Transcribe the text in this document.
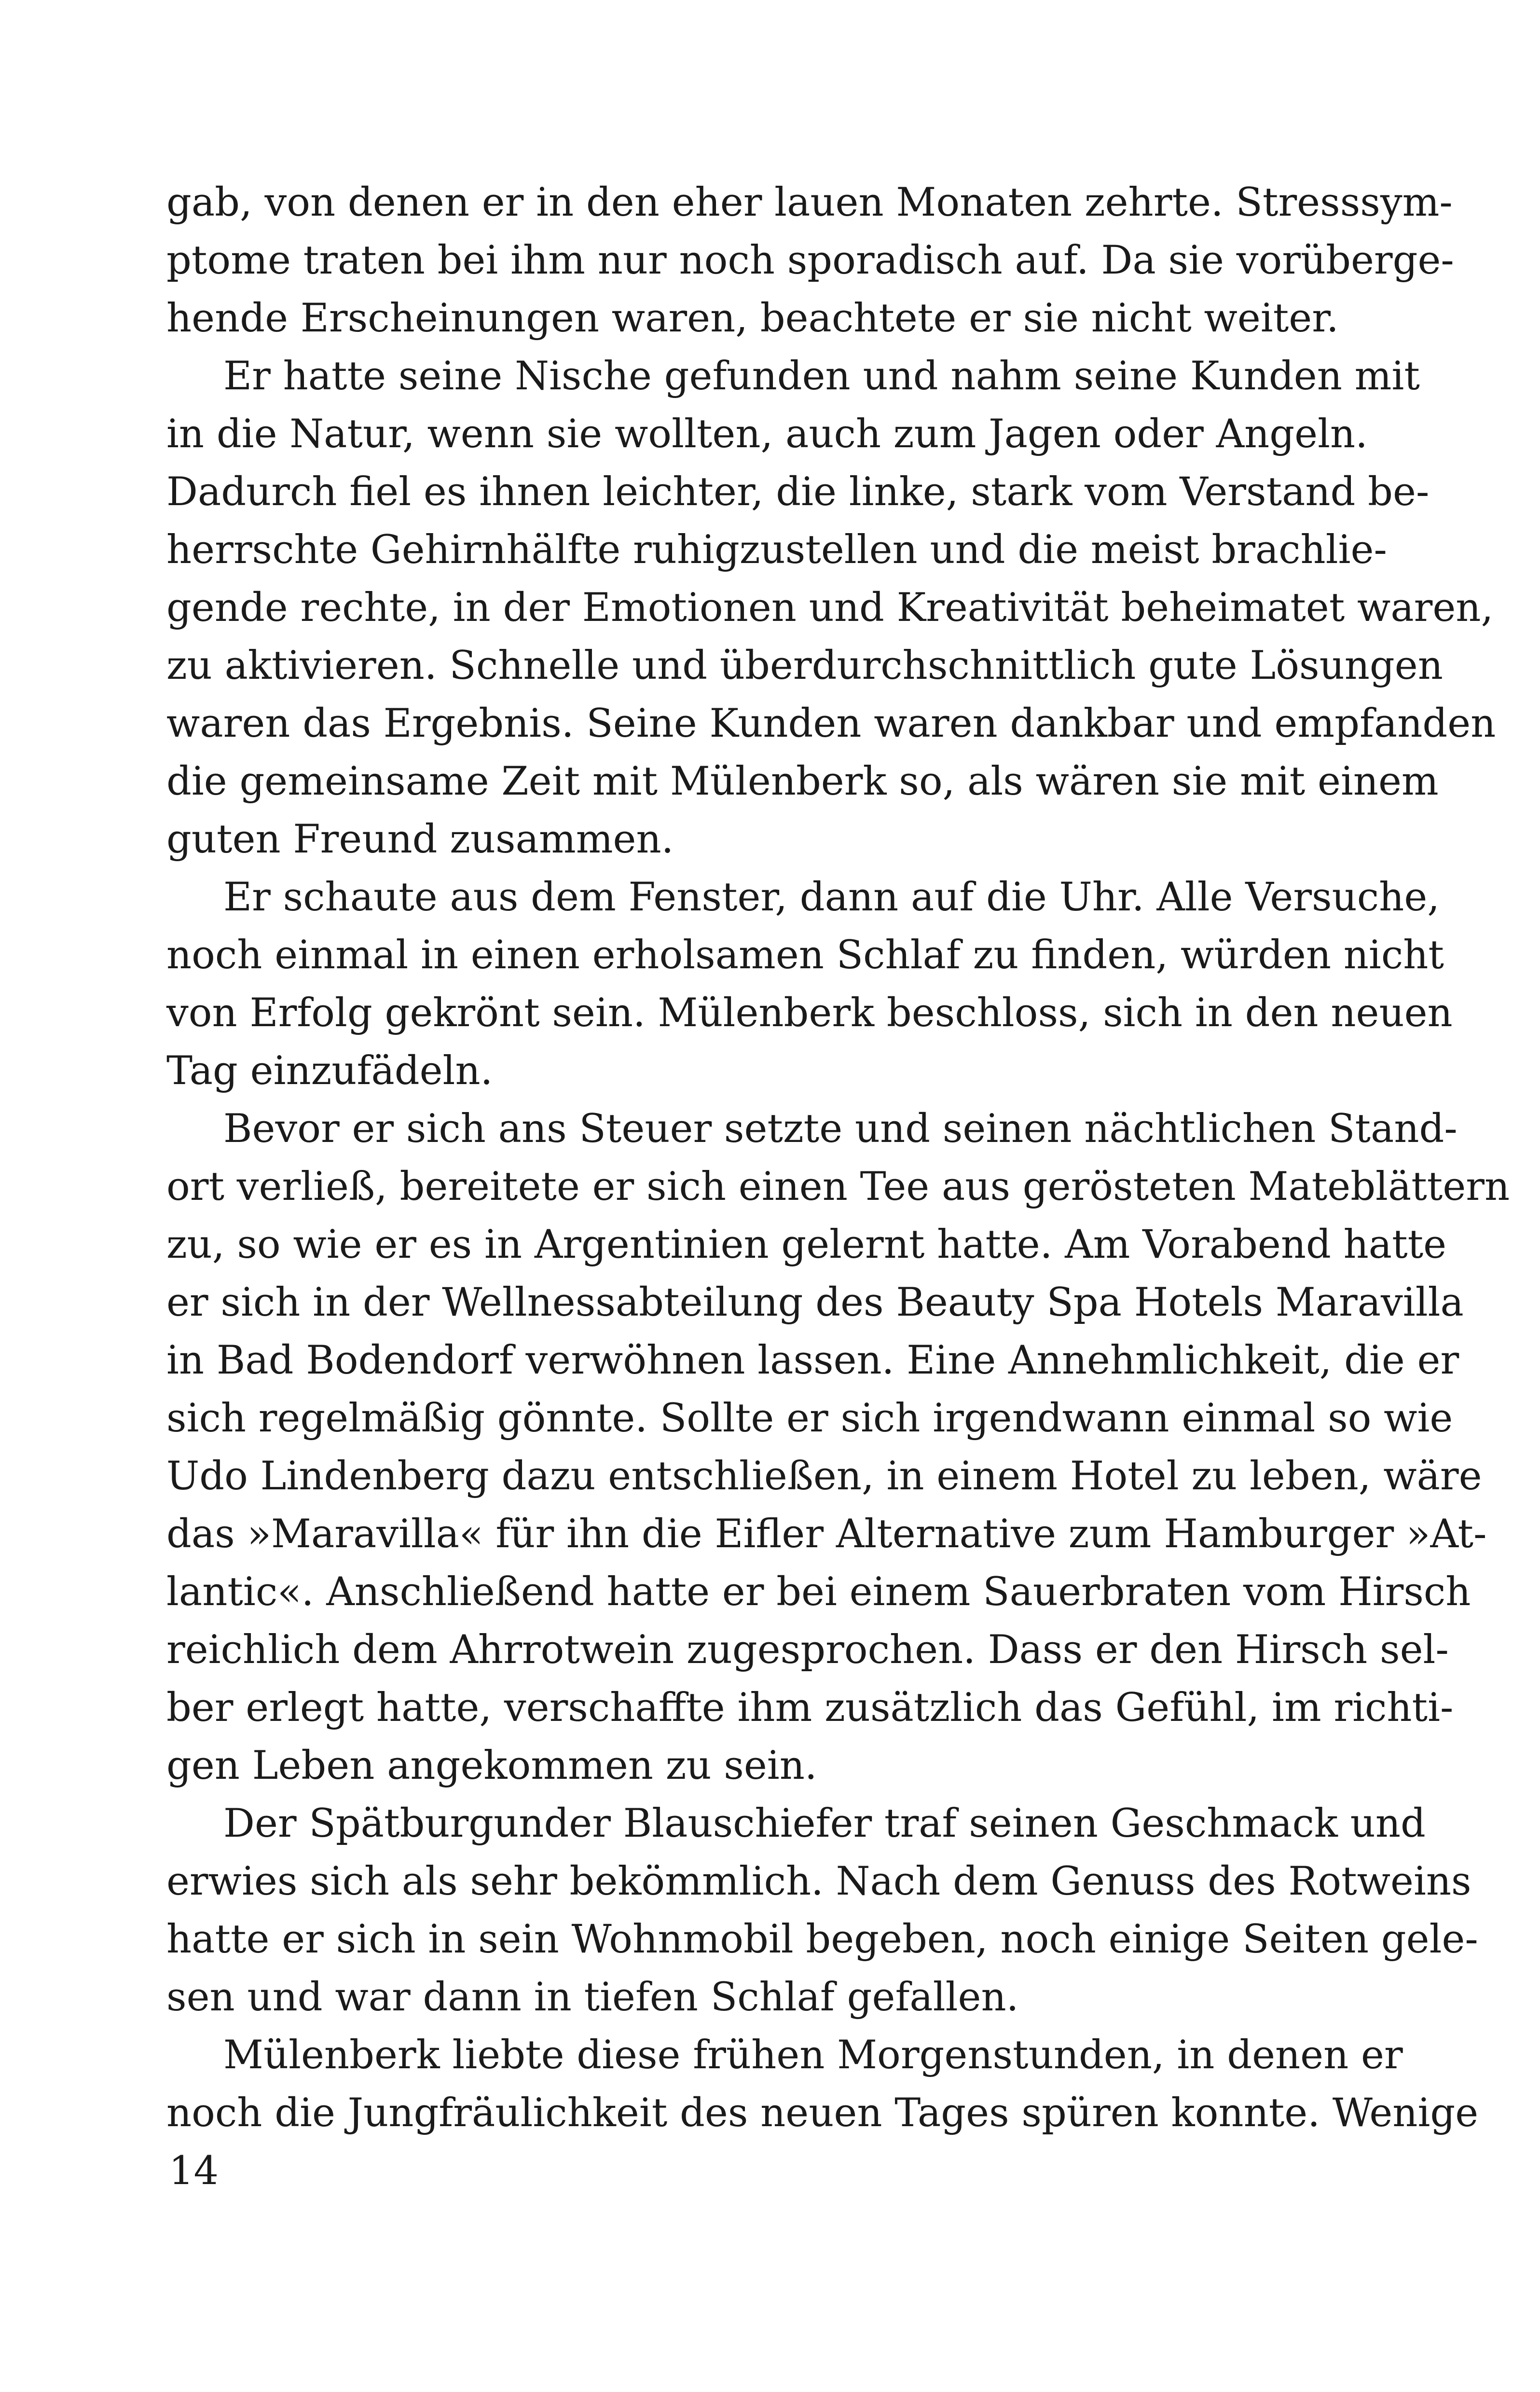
gab, von denen er in den eher lauen Monaten zehrte. Stresssym-
ptome traten bei ihm nur noch sporadisch auf. Da sie vorüberge-
hende Erscheinungen waren, beachtete er sie nicht weiter.
Er hatte seine Nische gefunden und nahm seine Kunden mit
in die Natur, wenn sie wollten, auch zum Jagen oder Angeln.
Dadurch fiel es ihnen leichter, die linke, stark vom Verstand be-
herrschte Gehirnhälfte ruhigzustellen und die meist brachlie-
gende rechte, in der Emotionen und Kreativität beheimatet waren,
zu aktivieren. Schnelle und überdurchschnittlich gute Lösungen
waren das Ergebnis. Seine Kunden waren dankbar und empfanden
die gemeinsame Zeit mit Mülenberk so, als wären sie mit einem
guten Freund zusammen.
Er schaute aus dem Fenster, dann auf die Uhr. Alle Versuche,
noch einmal in einen erholsamen Schlaf zu finden, würden nicht
von Erfolg gekrönt sein. Mülenberk beschloss, sich in den neuen
Tag einzufädeln.
Bevor er sich ans Steuer setzte und seinen nächtlichen Stand-
ort verließ, bereitete er sich einen Tee aus gerösteten Mateblättern
zu, so wie er es in Argentinien gelernt hatte. Am Vorabend hatte
er sich in der Wellnessabteilung des Beauty Spa Hotels Maravilla
in Bad Bodendorf verwöhnen lassen. Eine Annehmlichkeit, die er
sich regelmäßig gönnte. Sollte er sich irgendwann einmal so wie
Udo Lindenberg dazu entschließen, in einem Hotel zu leben, wäre
das »Maravilla« für ihn die Eifler Alternative zum Hamburger »At-
lantic«. Anschließend hatte er bei einem Sauerbraten vom Hirsch
reichlich dem Ahrrotwein zugesprochen. Dass er den Hirsch sel-
ber erlegt hatte, verschaffte ihm zusätzlich das Gefühl, im richti-
gen Leben angekommen zu sein.
Der Spätburgunder Blauschiefer traf seinen Geschmack und
erwies sich als sehr bekömmlich. Nach dem Genuss des Rotweins
hatte er sich in sein Wohnmobil begeben, noch einige Seiten gele-
sen und war dann in tiefen Schlaf gefallen.
Mülenberk liebte diese frühen Morgenstunden, in denen er
noch die Jungfräulichkeit des neuen Tages spüren konnte. Wenige
14
